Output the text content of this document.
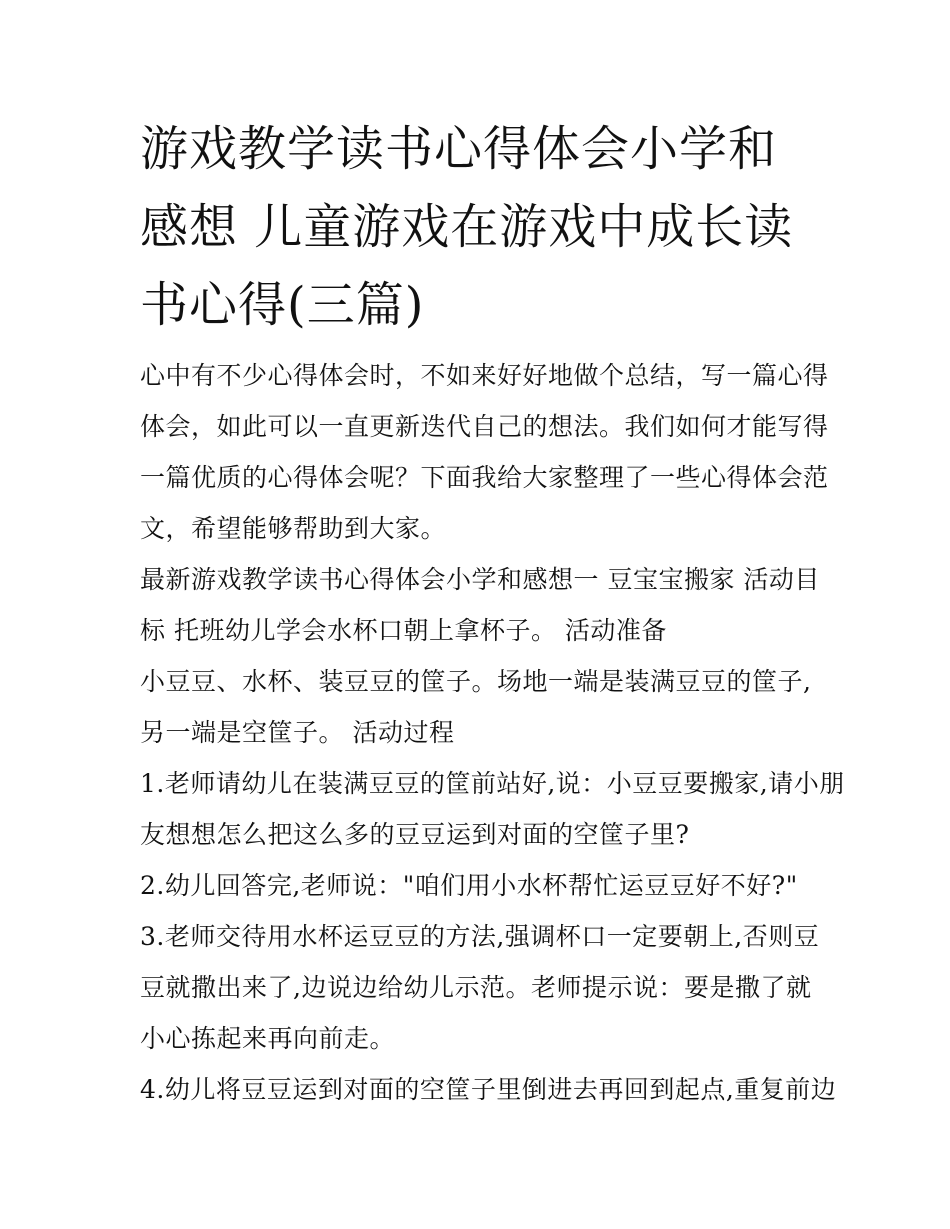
游戏教学读书心得体会小学和
感想 儿童游戏在游戏中成长读
书心得(三篇)

心中有不少心得体会时，不如来好好地做个总结，写一篇心得
体会，如此可以一直更新迭代自己的想法。我们如何才能写得
一篇优质的心得体会呢？下面我给大家整理了一些心得体会范
文，希望能够帮助到大家。

最新游戏教学读书心得体会小学和感想一 豆宝宝搬家 活动目
标 托班幼儿学会水杯口朝上拿杯子。 活动准备

小豆豆、水杯、装豆豆的筐子。场地一端是装满豆豆的筐子,
另一端是空筐子。 活动过程

1.老师请幼儿在装满豆豆的筐前站好,说：小豆豆要搬家,请小朋
友想想怎么把这么多的豆豆运到对面的空筐子里?

2.幼儿回答完,老师说："咱们用小水杯帮忙运豆豆好不好?"

3.老师交待用水杯运豆豆的方法,强调杯口一定要朝上,否则豆
豆就撒出来了,边说边给幼儿示范。老师提示说：要是撒了就
小心拣起来再向前走。

4.幼儿将豆豆运到对面的空筐子里倒进去再回到起点,重复前边
